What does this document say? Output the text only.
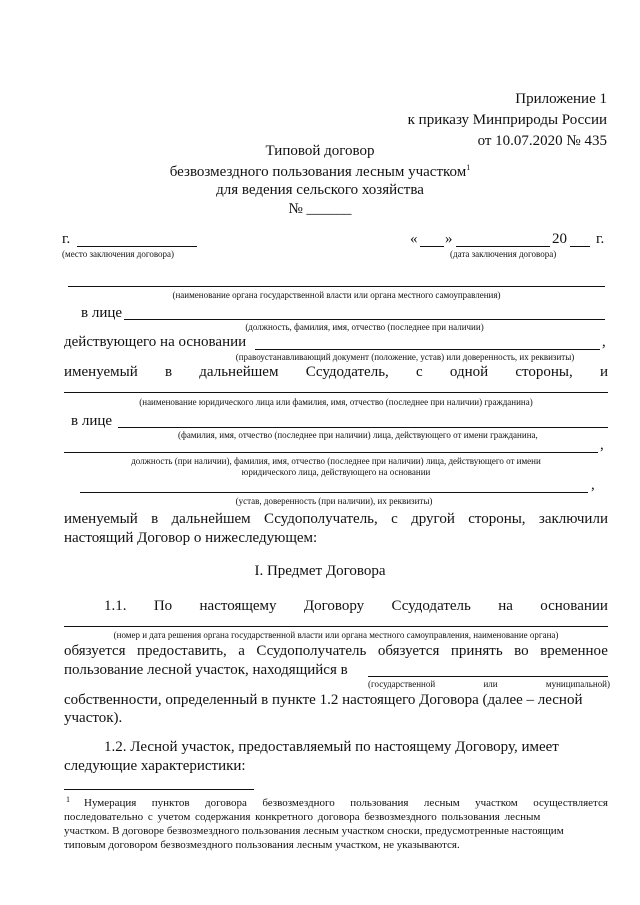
Приложение 1
к приказу Минприроды России
от 10.07.2020 № 435
Типовой договор
безвозмездного пользования лесным участком$^1$
для ведения сельского хозяйства
№ ______
г.
(место заключения договора)
« »	20 г.
(дата заключения договора)
(наименование органа государственной власти или органа местного самоуправления)
в лице
(должность, фамилия, имя, отчество (последнее при наличии)
действующего на основании	,
(правоустанавливающий документ (положение, устав) или доверенность, их реквизиты)
именуемый в дальнейшем Ссудодатель, с одной стороны, и
(наименование юридического лица или фамилия, имя, отчество (последнее при наличии) гражданина)
в лице
(фамилия, имя, отчество (последнее при наличии) лица, действующего от имени гражданина,
,
должность (при наличии), фамилия, имя, отчество (последнее при наличии) лица, действующего от имени
юридического лица, действующего на основании
,
(устав, доверенность (при наличии), их реквизиты)
именуемый в дальнейшем Ссудополучатель, с другой стороны, заключили
настоящий Договор о нижеследующем:
I. Предмет Договора
1.1. По настоящему Договору Ссудодатель на основании
(номер и дата решения органа государственной власти или органа местного самоуправления, наименование органа)
обязуется предоставить, а Ссудополучатель обязуется принять во временное
пользование лесной участок, находящийся в
(государственной	или	муниципальной)
собственности, определенный в пункте 1.2 настоящего Договора (далее – лесной
участок).
1.2. Лесной участок, предоставляемый по настоящему Договору, имеет
следующие характеристики:
1 Нумерация пунктов договора безвозмездного пользования лесным участком осуществляется
последовательно с учетом содержания конкретного договора безвозмездного пользования лесным
участком. В договоре безвозмездного пользования лесным участком сноски, предусмотренные настоящим
типовым договором безвозмездного пользования лесным участком, не указываются.
